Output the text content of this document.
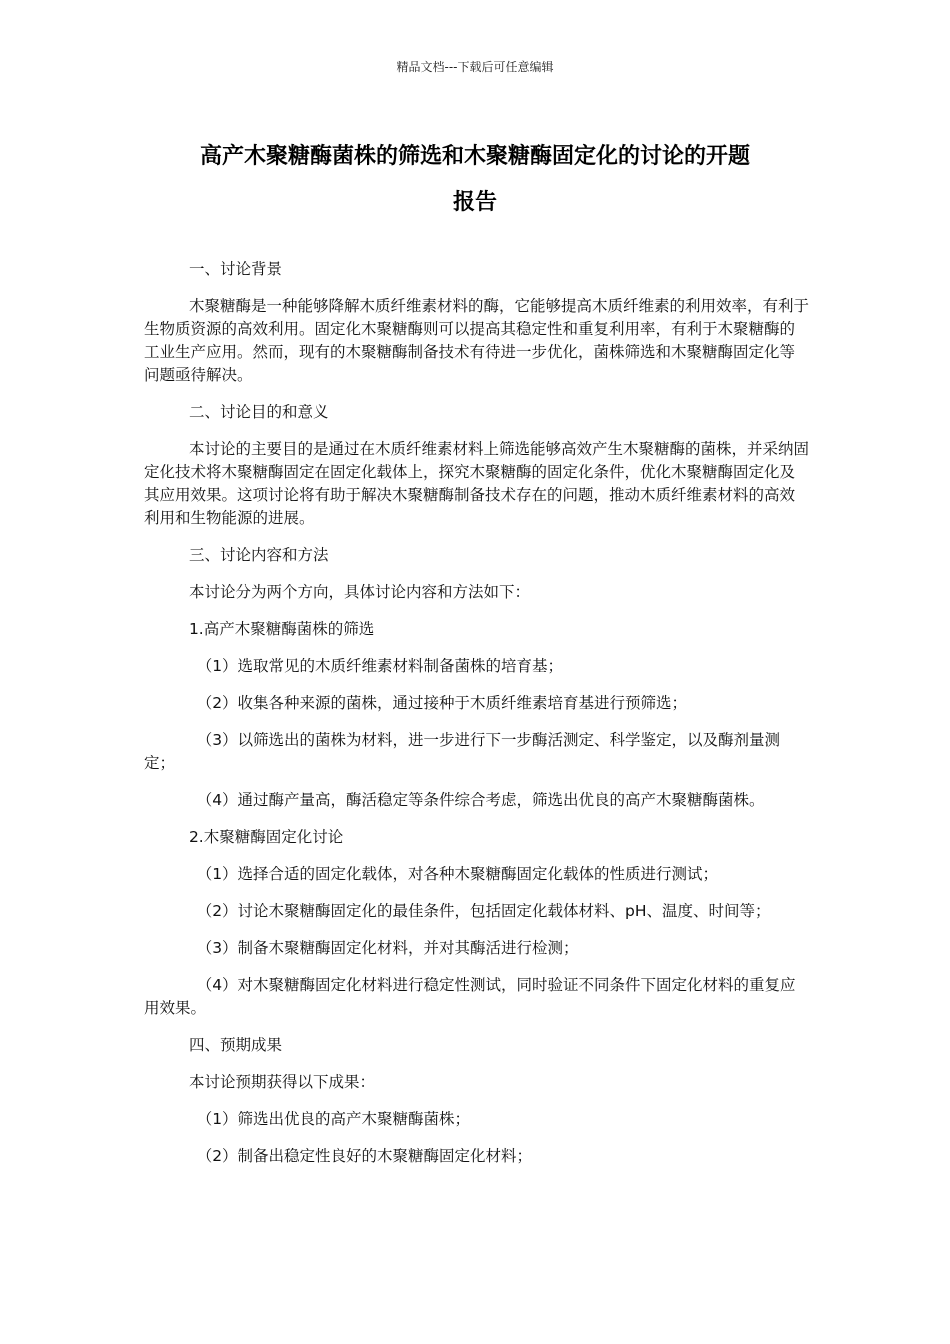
精品文档---下载后可任意编辑
高产木聚糖酶菌株的筛选和木聚糖酶固定化的讨论的开题
报告

一、讨论背景

木聚糖酶是一种能够降解木质纤维素材料的酶，它能够提高木质纤维素的利用效率，有利于生物质资源的高效利用。固定化木聚糖酶则可以提高其稳定性和重复利用率，有利于木聚糖酶的工业生产应用。然而，现有的木聚糖酶制备技术有待进一步优化，菌株筛选和木聚糖酶固定化等问题亟待解决。

二、讨论目的和意义

本讨论的主要目的是通过在木质纤维素材料上筛选能够高效产生木聚糖酶的菌株，并采纳固定化技术将木聚糖酶固定在固定化载体上，探究木聚糖酶的固定化条件，优化木聚糖酶固定化及其应用效果。这项讨论将有助于解决木聚糖酶制备技术存在的问题，推动木质纤维素材料的高效利用和生物能源的进展。

三、讨论内容和方法

本讨论分为两个方向，具体讨论内容和方法如下：

1.高产木聚糖酶菌株的筛选

（1）选取常见的木质纤维素材料制备菌株的培育基；

（2）收集各种来源的菌株，通过接种于木质纤维素培育基进行预筛选；

（3）以筛选出的菌株为材料，进一步进行下一步酶活测定、科学鉴定，以及酶剂量测定；

（4）通过酶产量高，酶活稳定等条件综合考虑，筛选出优良的高产木聚糖酶菌株。

2.木聚糖酶固定化讨论

（1）选择合适的固定化载体，对各种木聚糖酶固定化载体的性质进行测试；

（2）讨论木聚糖酶固定化的最佳条件，包括固定化载体材料、pH、温度、时间等；

（3）制备木聚糖酶固定化材料，并对其酶活进行检测；

（4）对木聚糖酶固定化材料进行稳定性测试，同时验证不同条件下固定化材料的重复应用效果。

四、预期成果

本讨论预期获得以下成果：

（1）筛选出优良的高产木聚糖酶菌株；

（2）制备出稳定性良好的木聚糖酶固定化材料；
